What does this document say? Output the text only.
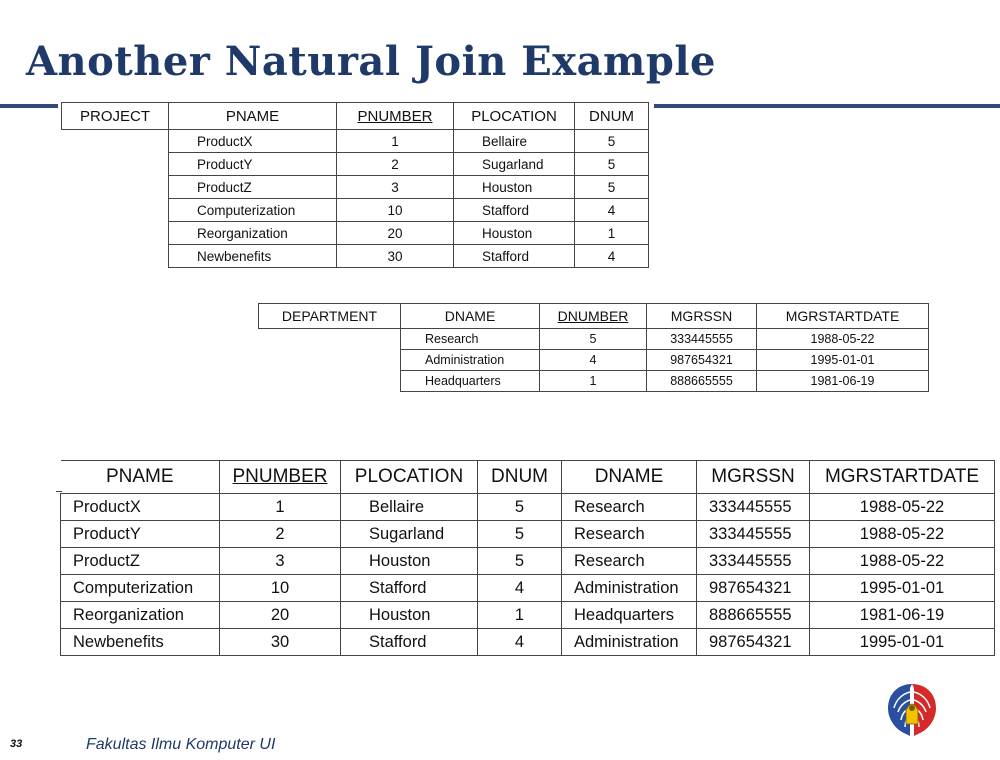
Another Natural Join Example
PROJECT	PNAME	PNUMBER	PLOCATION	DNUM
	ProductX	1	Bellaire	5
	ProductY	2	Sugarland	5
	ProductZ	3	Houston	5
	Computerization	10	Stafford	4
	Reorganization	20	Houston	1
	Newbenefits	30	Stafford	4
DEPARTMENT	DNAME	DNUMBER	MGRSSN	MGRSTARTDATE
	Research	5	333445555	1988-05-22
	Administration	4	987654321	1995-01-01
	Headquarters	1	888665555	1981-06-19
PNAME	PNUMBER	PLOCATION	DNUM	DNAME	MGRSSN	MGRSTARTDATE
ProductX	1	Bellaire	5	Research	333445555	1988-05-22
ProductY	2	Sugarland	5	Research	333445555	1988-05-22
ProductZ	3	Houston	5	Research	333445555	1988-05-22
Computerization	10	Stafford	4	Administration	987654321	1995-01-01
Reorganization	20	Houston	1	Headquarters	888665555	1981-06-19
Newbenefits	30	Stafford	4	Administration	987654321	1995-01-01
33	Fakultas Ilmu Komputer UI
